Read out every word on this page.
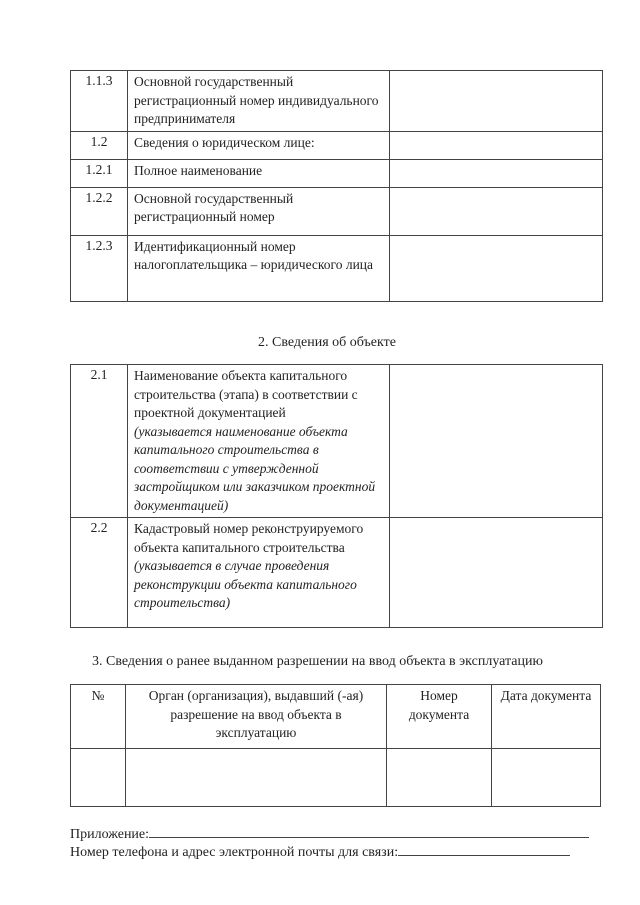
1.1.3	Основной государственный регистрационный номер индивидуального предпринимателя	
1.2	Сведения о юридическом лице:	
1.2.1	Полное наименование	
1.2.2	Основной государственный регистрационный номер	
1.2.3	Идентификационный номер налогоплательщика – юридического лица	
2. Сведения об объекте
2.1	Наименование объекта капитального строительства (этапа) в соответствии с проектной документацией
(указывается наименование объекта капитального строительства в соответствии с утвержденной застройщиком или заказчиком проектной документацией)	

2.2	Кадастровый номер реконструируемого объекта капитального строительства
(указывается в случае проведения реконструкции объекта капитального строительства)	

3. Сведения о ранее выданном разрешении на ввод объекта в эксплуатацию
№	Орган (организация), выдавший (-ая) разрешение на ввод объекта в эксплуатацию	Номер документа	Дата документа

Приложение:
Номер телефона и адрес электронной почты для связи:
